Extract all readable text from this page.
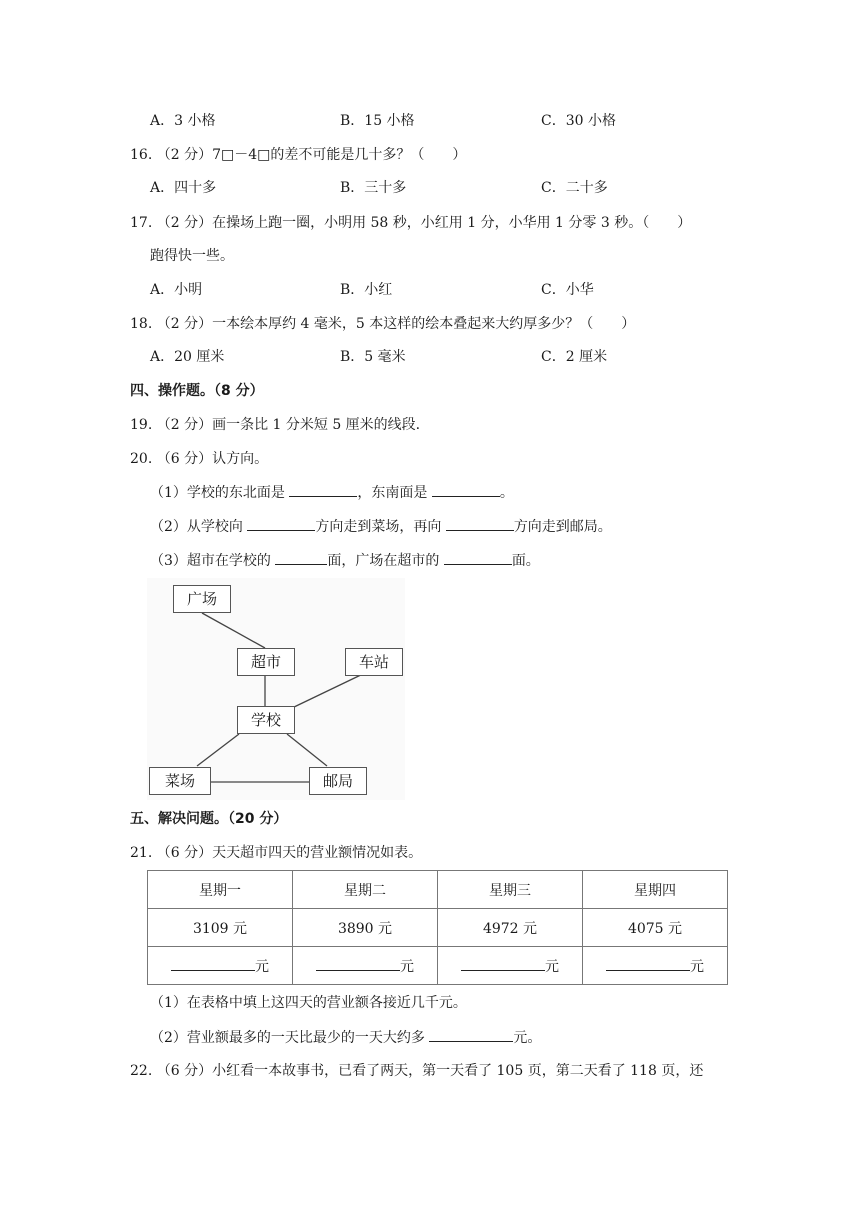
A．3 小格	B．15 小格	C．30 小格
16. （2 分）7□－4□的差不可能是几十多？（　　）
A．四十多	B．三十多	C．二十多
17. （2 分）在操场上跑一圈，小明用 58 秒，小红用 1 分，小华用 1 分零 3 秒。（　　）
跑得快一些。
A．小明	B．小红	C．小华
18. （2 分）一本绘本厚约 4 毫米，5 本这样的绘本叠起来大约厚多少？（　　）
A．20 厘米	B．5 毫米	C．2 厘米
四、操作题。（8 分）
19. （2 分）画一条比 1 分米短 5 厘米的线段.
20. （6 分）认方向。
（1）学校的东北面是	，东南面是	。
（2）从学校向	方向走到菜场，再向	方向走到邮局。
（3）超市在学校的	面，广场在超市的	面。
广场
超市	车站
学校
菜场	邮局
五、解决问题。（20 分）
21. （6 分）天天超市四天的营业额情况如表。
星期一	星期二	星期三	星期四
3109 元	3890 元	4972 元	4075 元
元	元	元	元
（1）在表格中填上这四天的营业额各接近几千元。
（2）营业额最多的一天比最少的一天大约多	元。
22. （6 分）小红看一本故事书，已看了两天，第一天看了 105 页，第二天看了 118 页，还
